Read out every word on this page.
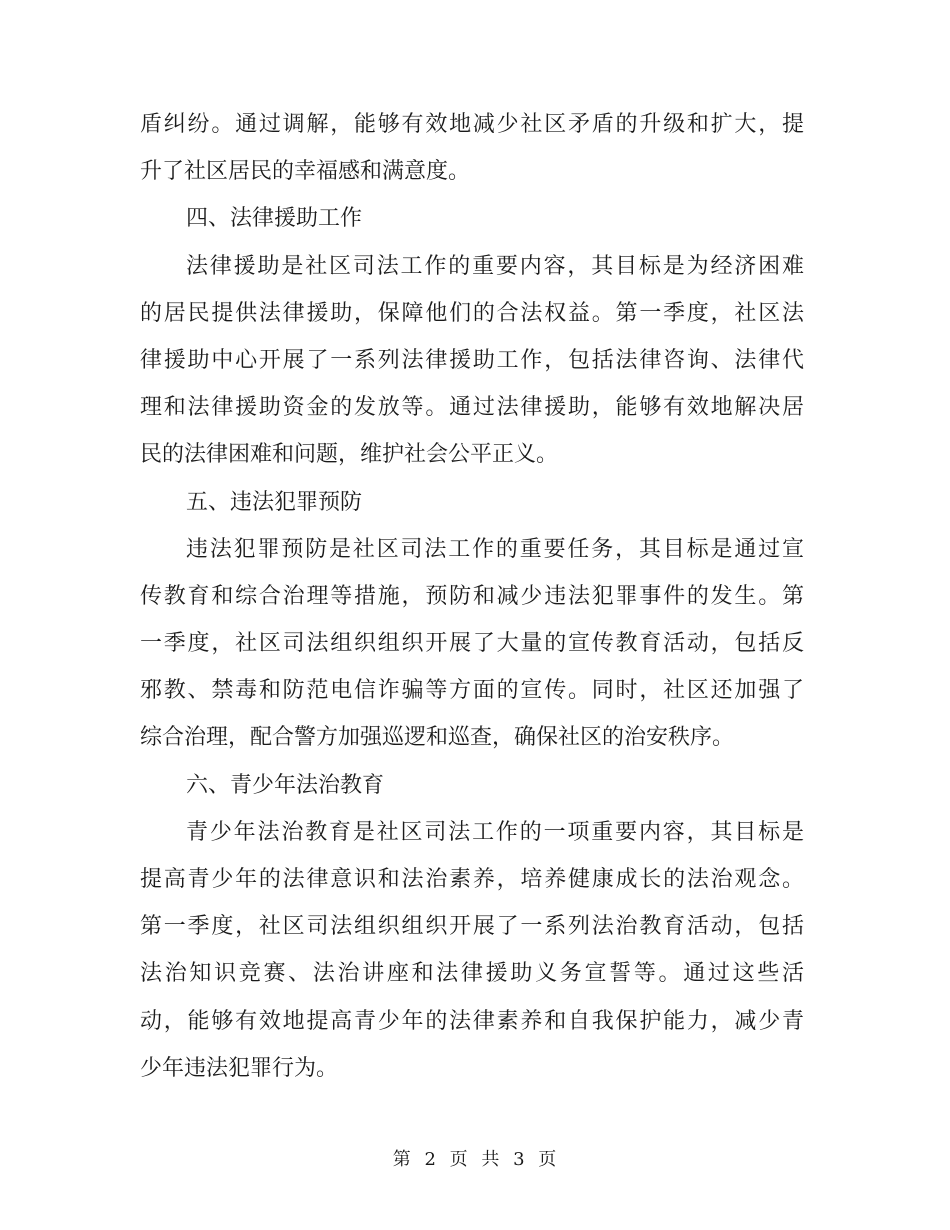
盾纠纷。通过调解，能够有效地减少社区矛盾的升级和扩大，提
升了社区居民的幸福感和满意度。
四、法律援助工作
法律援助是社区司法工作的重要内容，其目标是为经济困难
的居民提供法律援助，保障他们的合法权益。第一季度，社区法
律援助中心开展了一系列法律援助工作，包括法律咨询、法律代
理和法律援助资金的发放等。通过法律援助，能够有效地解决居
民的法律困难和问题，维护社会公平正义。
五、违法犯罪预防
违法犯罪预防是社区司法工作的重要任务，其目标是通过宣
传教育和综合治理等措施，预防和减少违法犯罪事件的发生。第
一季度，社区司法组织组织开展了大量的宣传教育活动，包括反
邪教、禁毒和防范电信诈骗等方面的宣传。同时，社区还加强了
综合治理，配合警方加强巡逻和巡查，确保社区的治安秩序。
六、青少年法治教育
青少年法治教育是社区司法工作的一项重要内容，其目标是
提高青少年的法律意识和法治素养，培养健康成长的法治观念。
第一季度，社区司法组织组织开展了一系列法治教育活动，包括
法治知识竞赛、法治讲座和法律援助义务宣誓等。通过这些活
动，能够有效地提高青少年的法律素养和自我保护能力，减少青
少年违法犯罪行为。
第 2 页 共 3 页
